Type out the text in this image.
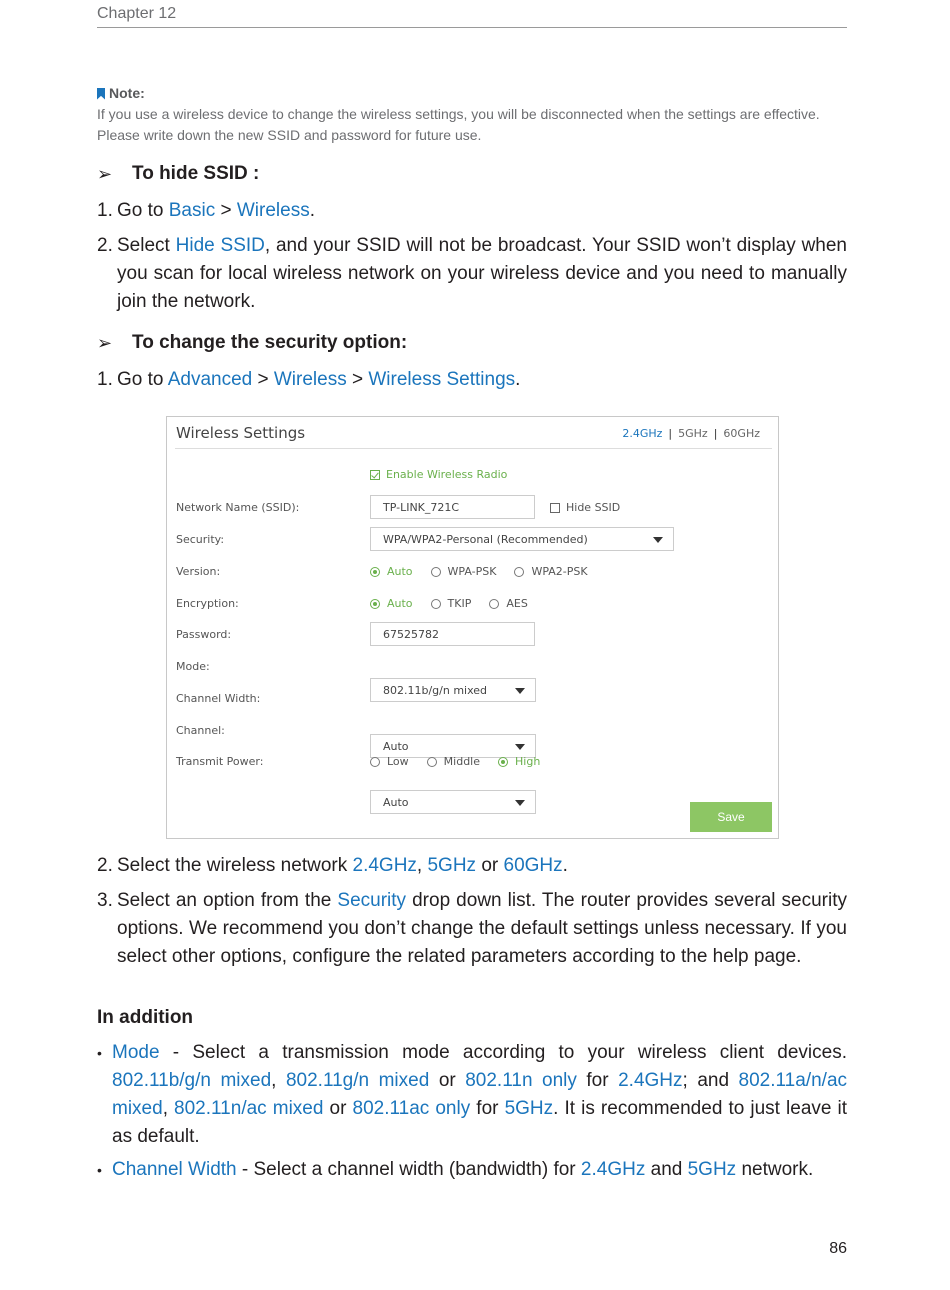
Chapter 12
Note:
If you use a wireless device to change the wireless settings, you will be disconnected when the settings are effective.
Please write down the new SSID and password for future use.
➢	To hide SSID :
1. Go to Basic > Wireless.
2. Select Hide SSID, and your SSID will not be broadcast. Your SSID won’t display when you scan for local wireless network on your wireless device and you need to manually join the network.
➢	To change the security option:
1. Go to Advanced > Wireless > Wireless Settings.
Wireless Settings	2.4GHz | 5GHz | 60GHz
Enable Wireless Radio
Network Name (SSID):	TP-LINK_721C	Hide SSID
Security:	WPA/WPA2-Personal (Recommended)
Version:	Auto	WPA-PSK	WPA2-PSK
Encryption:	Auto	TKIP	AES
Password:	67525782
Mode:
802.11b/g/n mixed
Channel Width:
Auto
Channel:
Auto
Transmit Power:	Low	Middle	High
Save
2. Select the wireless network 2.4GHz, 5GHz or 60GHz.
3. Select an option from the Security drop down list. The router provides several security options. We recommend you don’t change the default settings unless necessary. If you select other options, configure the related parameters according to the help page.
In addition
• Mode - Select a transmission mode according to your wireless client devices. 802.11b/g/n mixed, 802.11g/n mixed or 802.11n only for 2.4GHz; and 802.11a/n/ac mixed, 802.11n/ac mixed or 802.11ac only for 5GHz. It is recommended to just leave it as default.
• Channel Width - Select a channel width (bandwidth) for 2.4GHz and 5GHz network.
86
